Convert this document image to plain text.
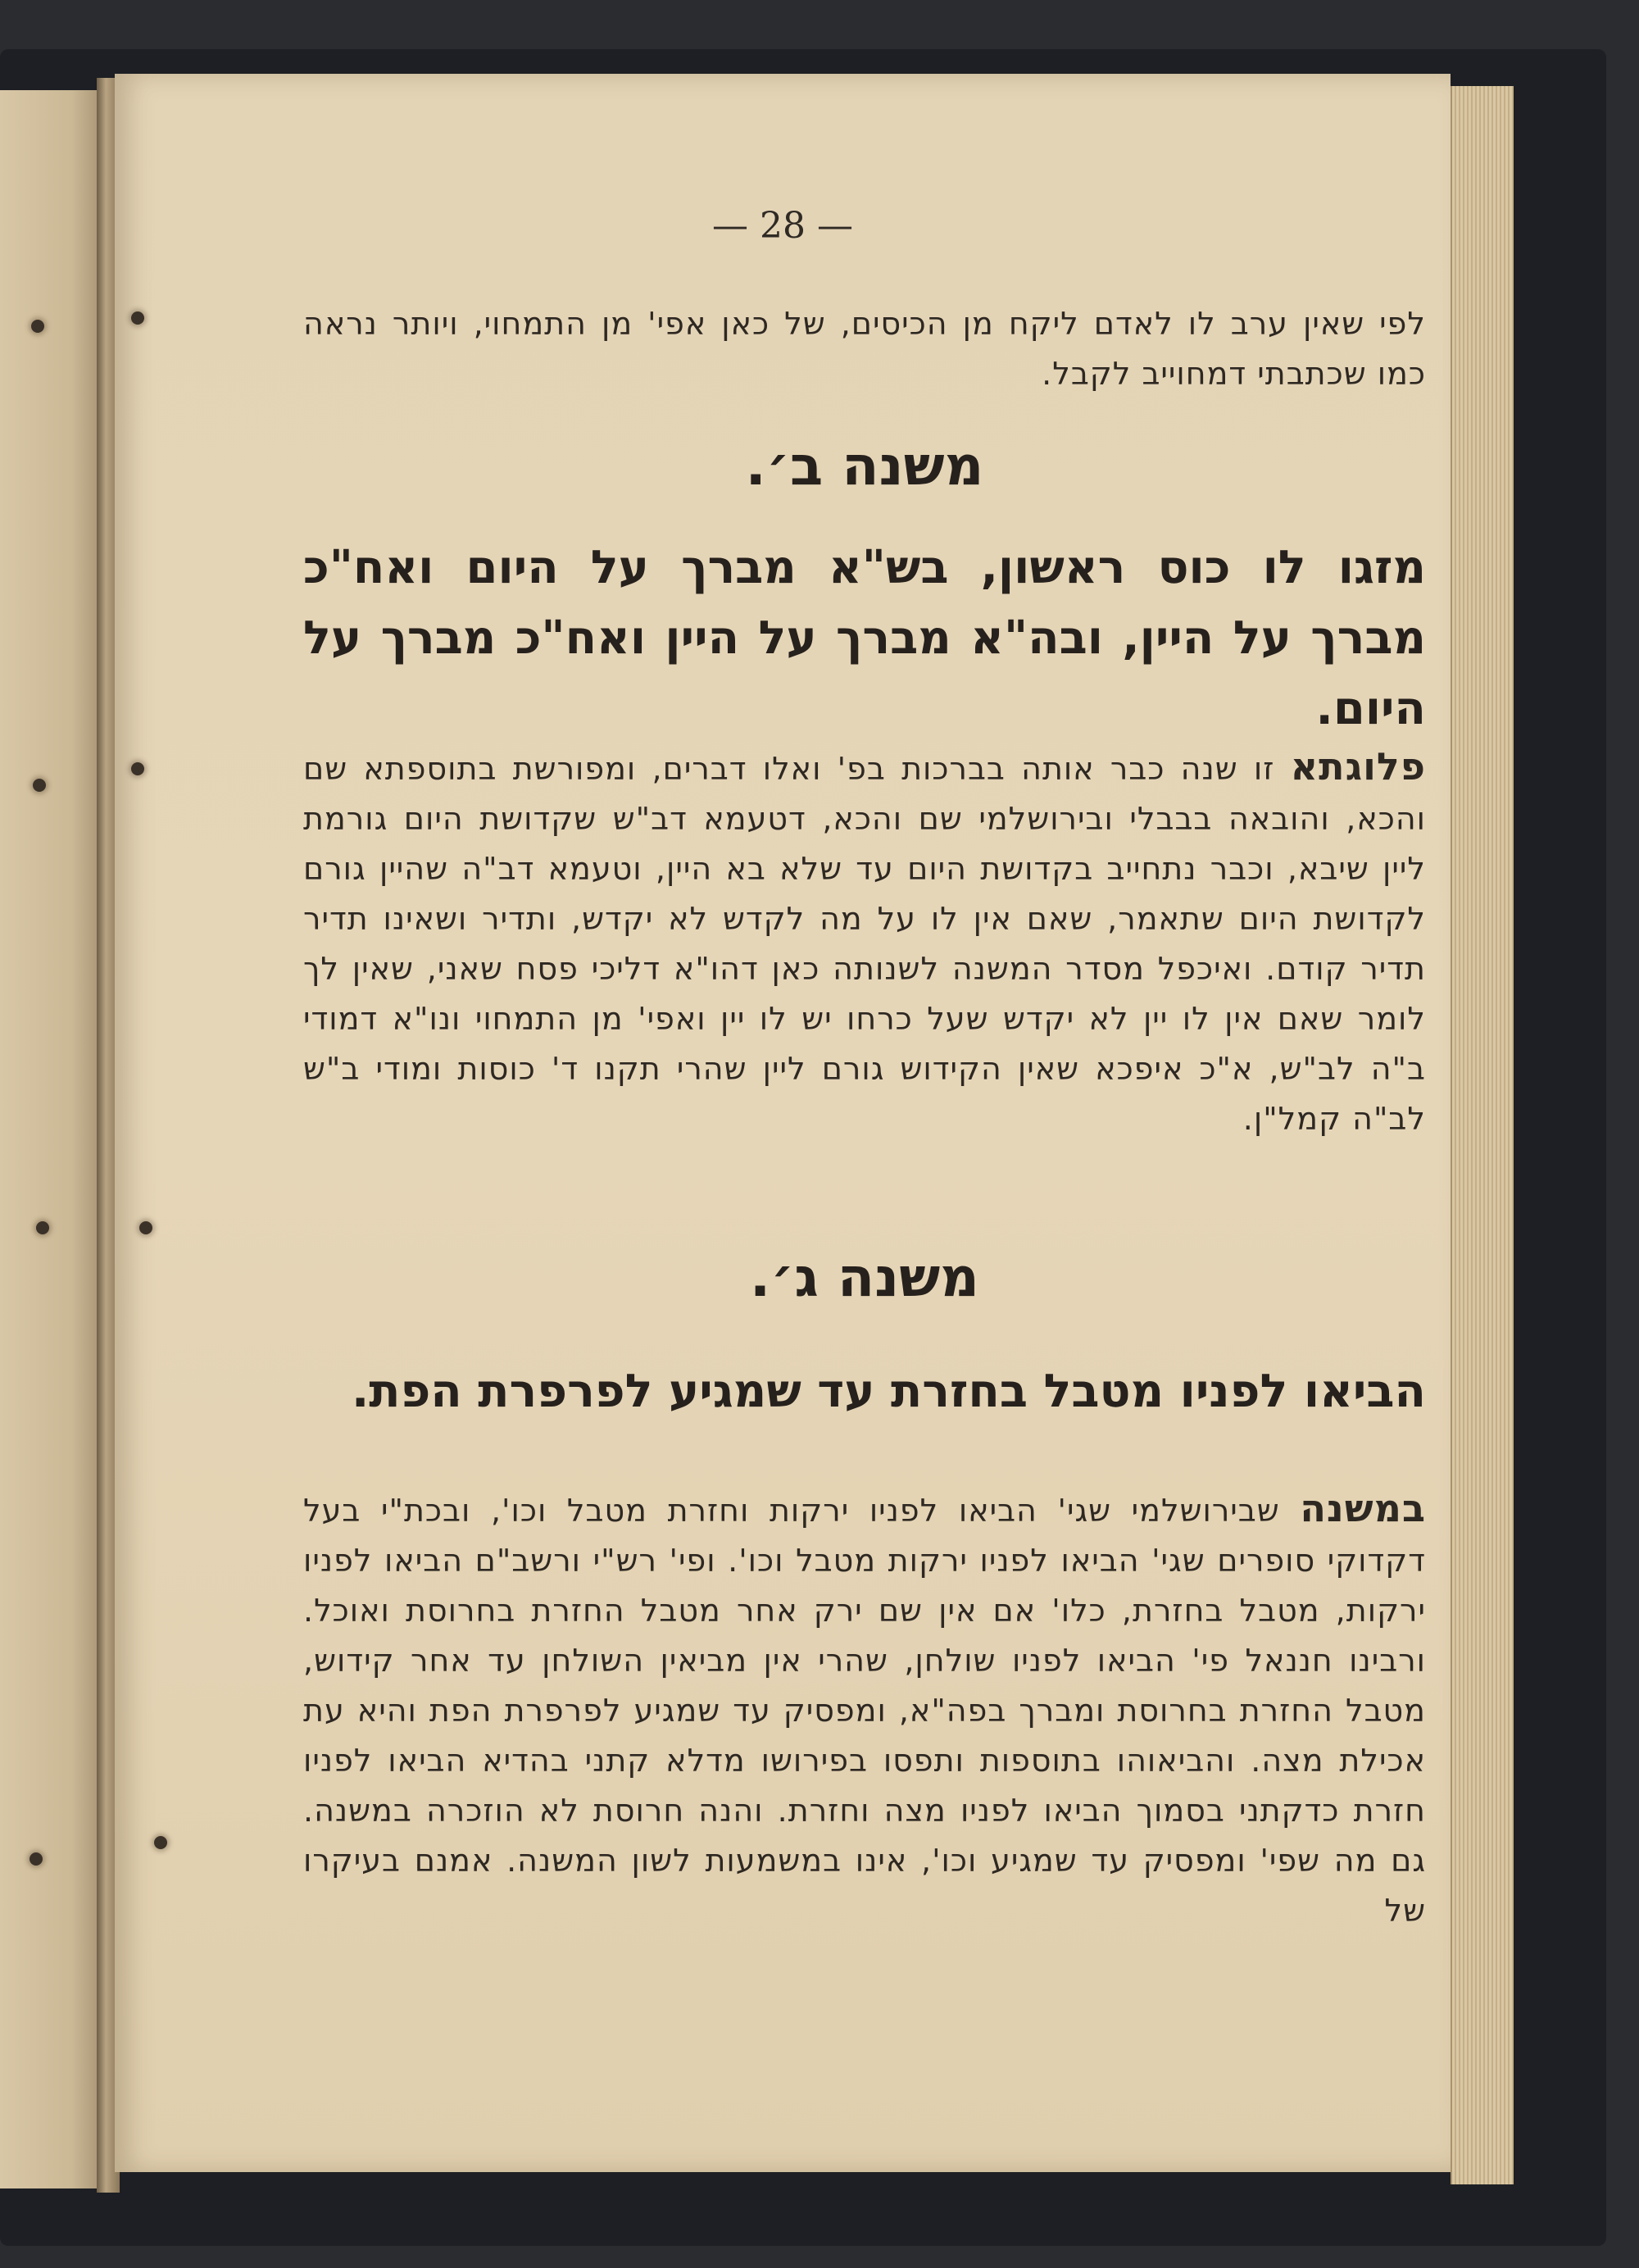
— 28 —
לפי שאין ערב לו לאדם ליקח מן הכיסים, של כאן אפי' מן התמחוי, ויותר נראה כמו שכתבתי דמחוייב לקבל.
משנה ב׳.
מזגו לו כוס ראשון, בש"א מברך על היום ואח"כ מברך על היין, ובה"א מברך על היין ואח"כ מברך על היום.
פלוגתא זו שנה כבר אותה בברכות בפ' ואלו דברים, ומפורשת בתוספתא שם והכא, והובאה בבבלי ובירושלמי שם והכא, דטעמא דב"ש שקדושת היום גורמת ליין שיבא, וכבר נתחייב בקדושת היום עד שלא בא היין, וטעמא דב"ה שהיין גורם לקדושת היום שתאמר, שאם אין לו על מה לקדש לא יקדש, ותדיר ושאינו תדיר תדיר קודם. ואיכפל מסדר המשנה לשנותה כאן דהו"א דליכי פסח שאני, שאין לך לומר שאם אין לו יין לא יקדש שעל כרחו יש לו יין ואפי' מן התמחוי ונו"א דמודי ב"ה לב"ש, א"כ איפכא שאין הקידוש גורם ליין שהרי תקנו ד' כוסות ומודי ב"ש לב"ה קמל"ן.
משנה ג׳.
הביאו לפניו מטבל בחזרת עד שמגיע לפרפרת הפת.
במשנה שבירושלמי שגי' הביאו לפניו ירקות וחזרת מטבל וכו', ובכת"י בעל דקדוקי סופרים שגי' הביאו לפניו ירקות מטבל וכו'. ופי' רש"י ורשב"ם הביאו לפניו ירקות, מטבל בחזרת, כלו' אם אין שם ירק אחר מטבל החזרת בחרוסת ואוכל. ורבינו חננאל פי' הביאו לפניו שולחן, שהרי אין מביאין השולחן עד אחר קידוש, מטבל החזרת בחרוסת ומברך בפה"א, ומפסיק עד שמגיע לפרפרת הפת והיא עת אכילת מצה. והביאוהו בתוספות ותפסו בפירושו מדלא קתני בהדיא הביאו לפניו חזרת כדקתני בסמוך הביאו לפניו מצה וחזרת. והנה חרוסת לא הוזכרה במשנה. גם מה שפי' ומפסיק עד שמגיע וכו', אינו במשמעות לשון המשנה. אמנם בעיקרו של
